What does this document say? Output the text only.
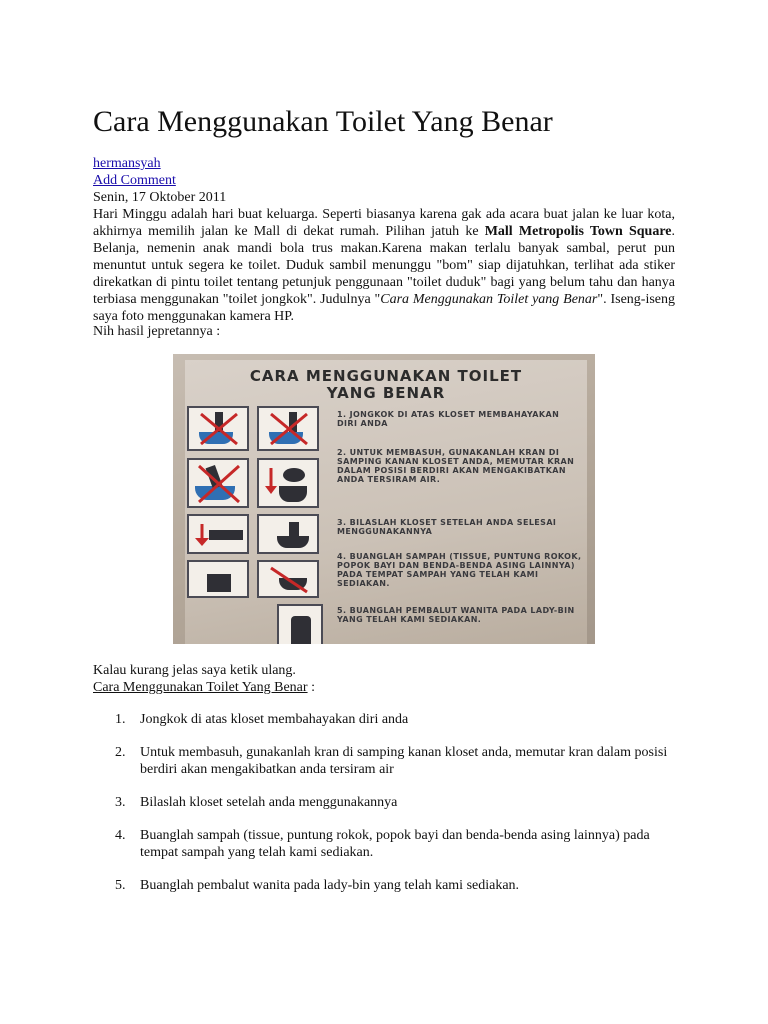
Cara Menggunakan Toilet Yang Benar
hermansyah
Add Comment
Senin, 17 Oktober 2011

Hari Minggu adalah hari buat keluarga. Seperti biasanya karena gak ada acara buat jalan ke luar kota, akhirnya memilih jalan ke Mall di dekat rumah. Pilihan jatuh ke Mall Metropolis Town Square. Belanja, nemenin anak mandi bola trus makan.Karena makan terlalu banyak sambal, perut pun menuntut untuk segera ke toilet. Duduk sambil menunggu "bom" siap dijatuhkan, terlihat ada stiker direkatkan di pintu toilet tentang petunjuk penggunaan "toilet duduk" bagi yang belum tahu dan hanya terbiasa menggunakan "toilet jongkok". Judulnya "Cara Menggunakan Toilet yang Benar". Iseng-iseng saya foto menggunakan kamera HP.

Nih hasil jepretannya :
CARA MENGGUNAKAN TOILET
YANG BENAR
1. JONGKOK DI ATAS KLOSET MEMBAHAYAKAN DIRI ANDA
2. UNTUK MEMBASUH, GUNAKANLAH KRAN DI SAMPING KANAN KLOSET ANDA, MEMUTAR KRAN DALAM POSISI BERDIRI AKAN MENGAKIBATKAN ANDA TERSIRAM AIR.
3. BILASLAH KLOSET SETELAH ANDA SELESAI MENGGUNAKANNYA
4. BUANGLAH SAMPAH (TISSUE, PUNTUNG ROKOK, POPOK BAYI DAN BENDA-BENDA ASING LAINNYA) PADA TEMPAT SAMPAH YANG TELAH KAMI SEDIAKAN.
5. BUANGLAH PEMBALUT WANITA PADA LADY-BIN YANG TELAH KAMI SEDIAKAN.
Kalau kurang jelas saya ketik ulang.
Cara Menggunakan Toilet Yang Benar :
1. Jongkok di atas kloset membahayakan diri anda
2. Untuk membasuh, gunakanlah kran di samping kanan kloset anda, memutar kran dalam posisi berdiri akan mengakibatkan anda tersiram air
3. Bilaslah kloset setelah anda menggunakannya
4. Buanglah sampah (tissue, puntung rokok, popok bayi dan benda-benda asing lainnya) pada tempat sampah yang telah kami sediakan.
5. Buanglah pembalut wanita pada lady-bin yang telah kami sediakan.
